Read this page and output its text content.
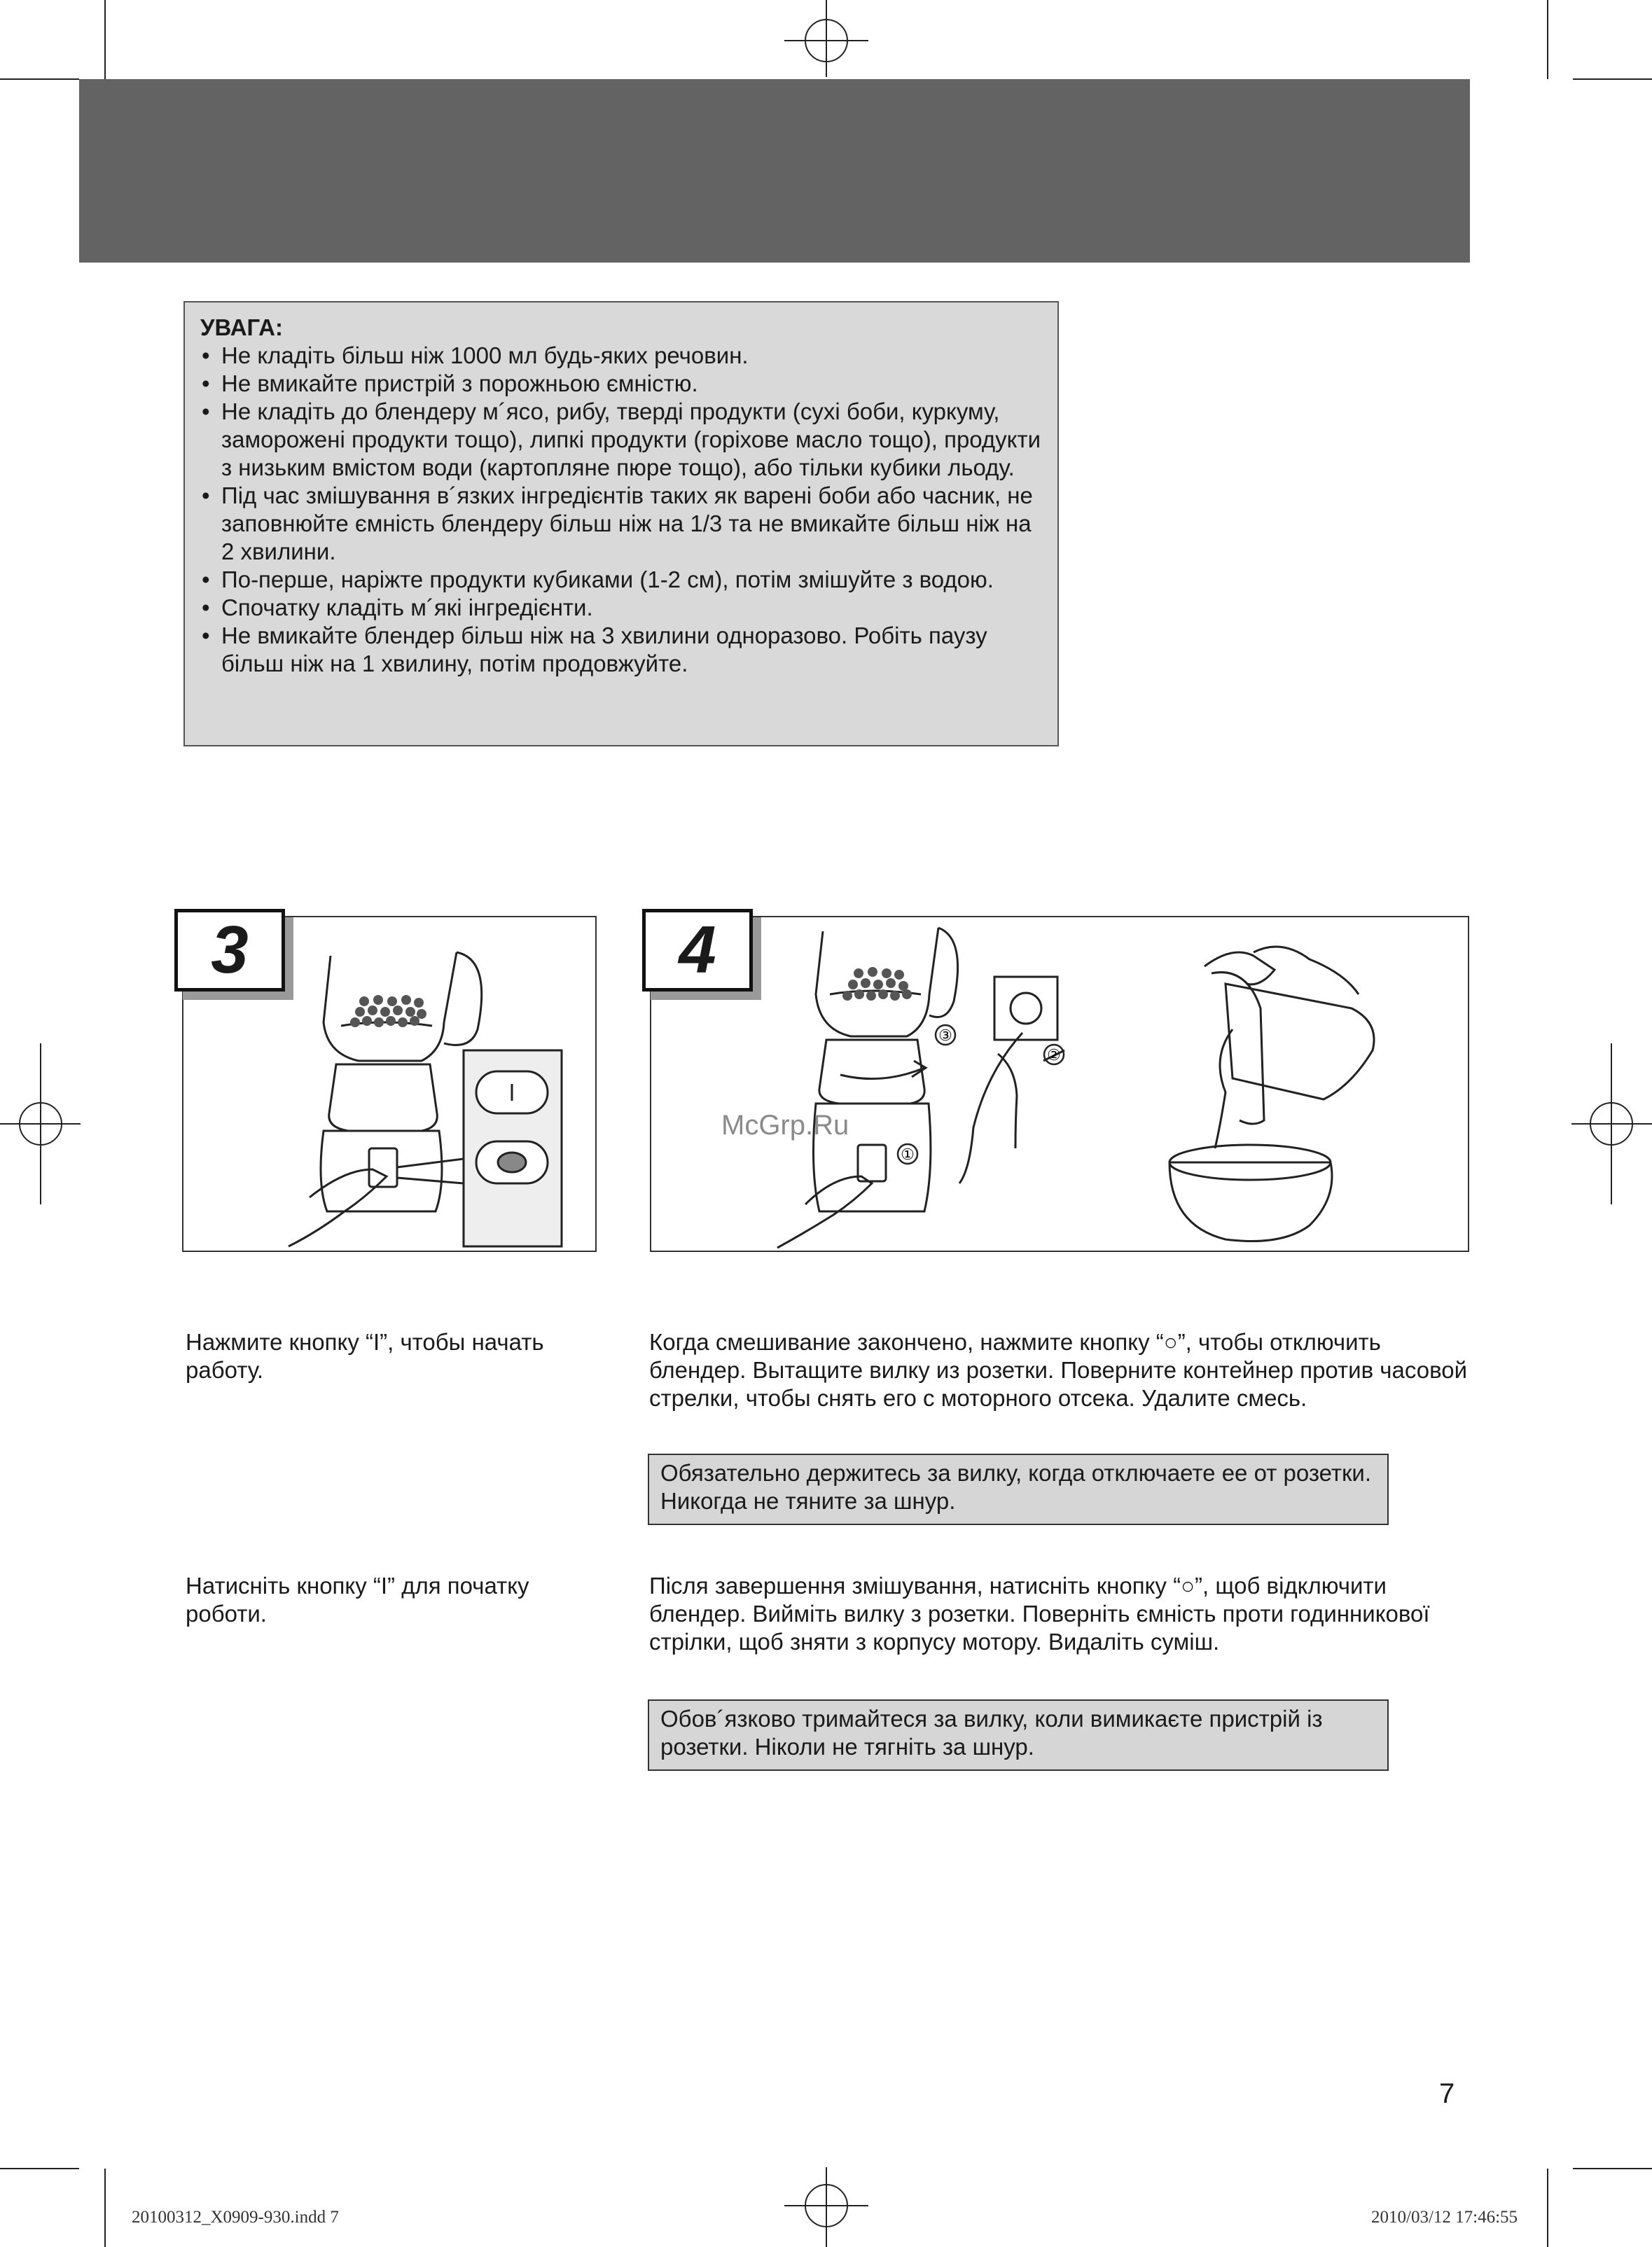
УВАГА:
• Не кладіть більш ніж 1000 мл будь-яких речовин.
• Не вмикайте пристрій з порожньою ємністю.
• Не кладіть до блендеру м´ясо, рибу, тверді продукти (сухі боби, куркуму, заморожені продукти тощо), липкі продукти (горіхове масло тощо), продукти з низьким вмістом води (картопляне пюре тощо), або тільки кубики льоду.
• Під час змішування в´язких інгредієнтів таких як варені боби або часник, не заповнюйте ємність блендеру більш ніж на 1/3 та не вмикайте більш ніж на 2 хвилини.
• По-перше, наріжте продукти кубиками (1-2 см), потім змішуйте з водою.
• Спочатку кладіть м´які інгредієнти.
• Не вмикайте блендер більш ніж на 3 хвилини одноразово. Робіть паузу більш ніж на 1 хвилину, потім продовжуйте.
3
③
②
①
4
McGrp.Ru
Нажмите кнопку “I”, чтобы начать работу.
Когда смешивание закончено, нажмите кнопку “○”, чтобы отключить блендер. Вытащите вилку из розетки. Поверните контейнер против часовой стрелки, чтобы снять его с моторного отсека. Удалите смесь.
Обязательно держитесь за вилку, когда отключаете ее от розетки. Никогда не тяните за шнур.
Натисніть кнопку “I” для початку роботи.
Після завершення змішування, натисніть кнопку “○”, щоб відключити блендер. Вийміть вилку з розетки. Поверніть ємність проти годинникової стрілки, щоб зняти з корпусу мотору. Видаліть суміш.
Обов´язково тримайтеся за вилку, коли вимикаєте пристрій із розетки. Ніколи не тягніть за шнур.
7
20100312_X0909-930.indd 7	2010/03/12 17:46:55
